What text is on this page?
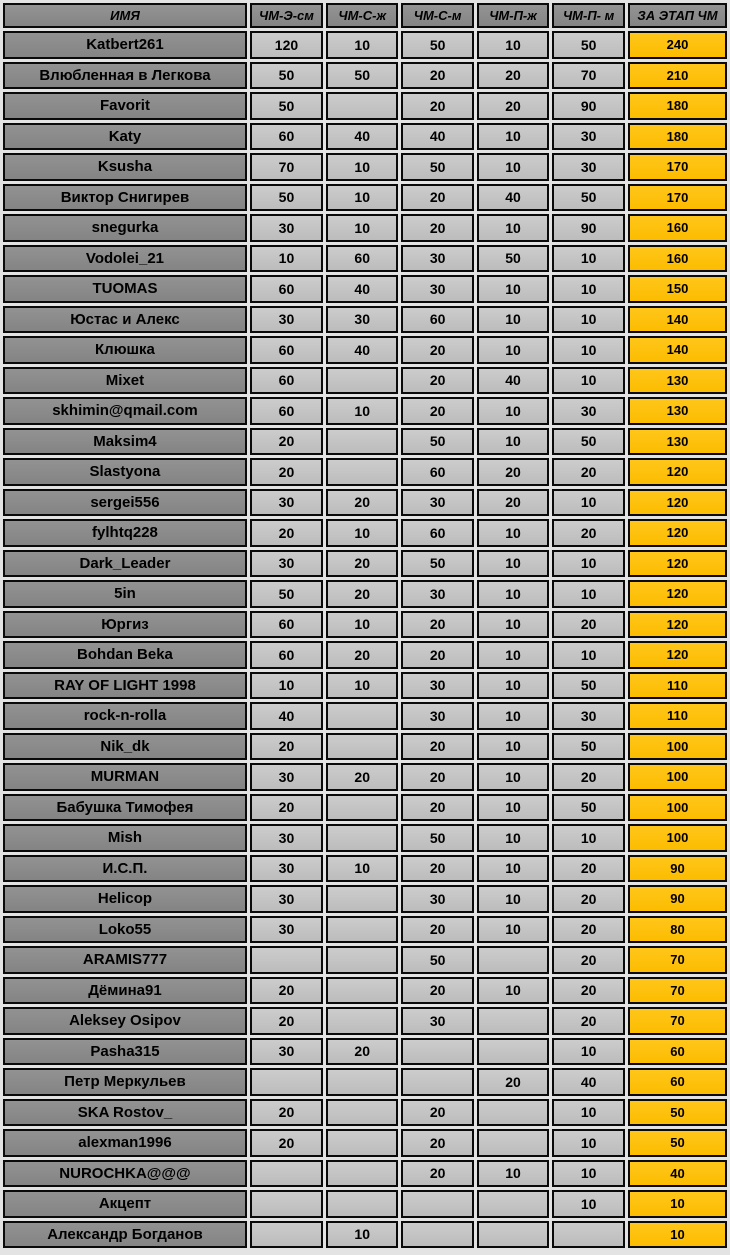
ИМЯ	ЧМ-Э-см	ЧМ-С-ж	ЧМ-С-м	ЧМ-П-ж	ЧМ-П- м	ЗА ЭТАП ЧМ
Katbert261	120	10	50	10	50	240
Влюбленная в Легкова	50	50	20	20	70	210
Favorit	50		20	20	90	180
Katy	60	40	40	10	30	180
Ksusha	70	10	50	10	30	170
Виктор Снигирев	50	10	20	40	50	170
snegurka	30	10	20	10	90	160
Vodolei_21	10	60	30	50	10	160
TUOMAS	60	40	30	10	10	150
Юстас и Алекс	30	30	60	10	10	140
Клюшка	60	40	20	10	10	140
Mixet	60		20	40	10	130
skhimin@qmail.com	60	10	20	10	30	130
Maksim4	20		50	10	50	130
Slastyona	20		60	20	20	120
sergei556	30	20	30	20	10	120
fylhtq228	20	10	60	10	20	120
Dark_Leader	30	20	50	10	10	120
5in	50	20	30	10	10	120
Юргиз	60	10	20	10	20	120
Bohdan Beka	60	20	20	10	10	120
RAY OF LIGHT 1998	10	10	30	10	50	110
rock-n-rolla	40		30	10	30	110
Nik_dk	20		20	10	50	100
MURMAN	30	20	20	10	20	100
Бабушка Тимофея	20		20	10	50	100
Mish	30		50	10	10	100
И.С.П.	30	10	20	10	20	90
Helicop	30		30	10	20	90
Loko55	30		20	10	20	80
ARAMIS777			50		20	70
Дёмина91	20		20	10	20	70
Aleksey Osipov	20		30		20	70
Pasha315	30	20			10	60
Петр Меркульев				20	40	60
SKA Rostov_	20		20		10	50
alexman1996	20		20		10	50
NUROCHKA@@@			20	10	10	40
Акцепт					10	10
Александр Богданов		10				10
